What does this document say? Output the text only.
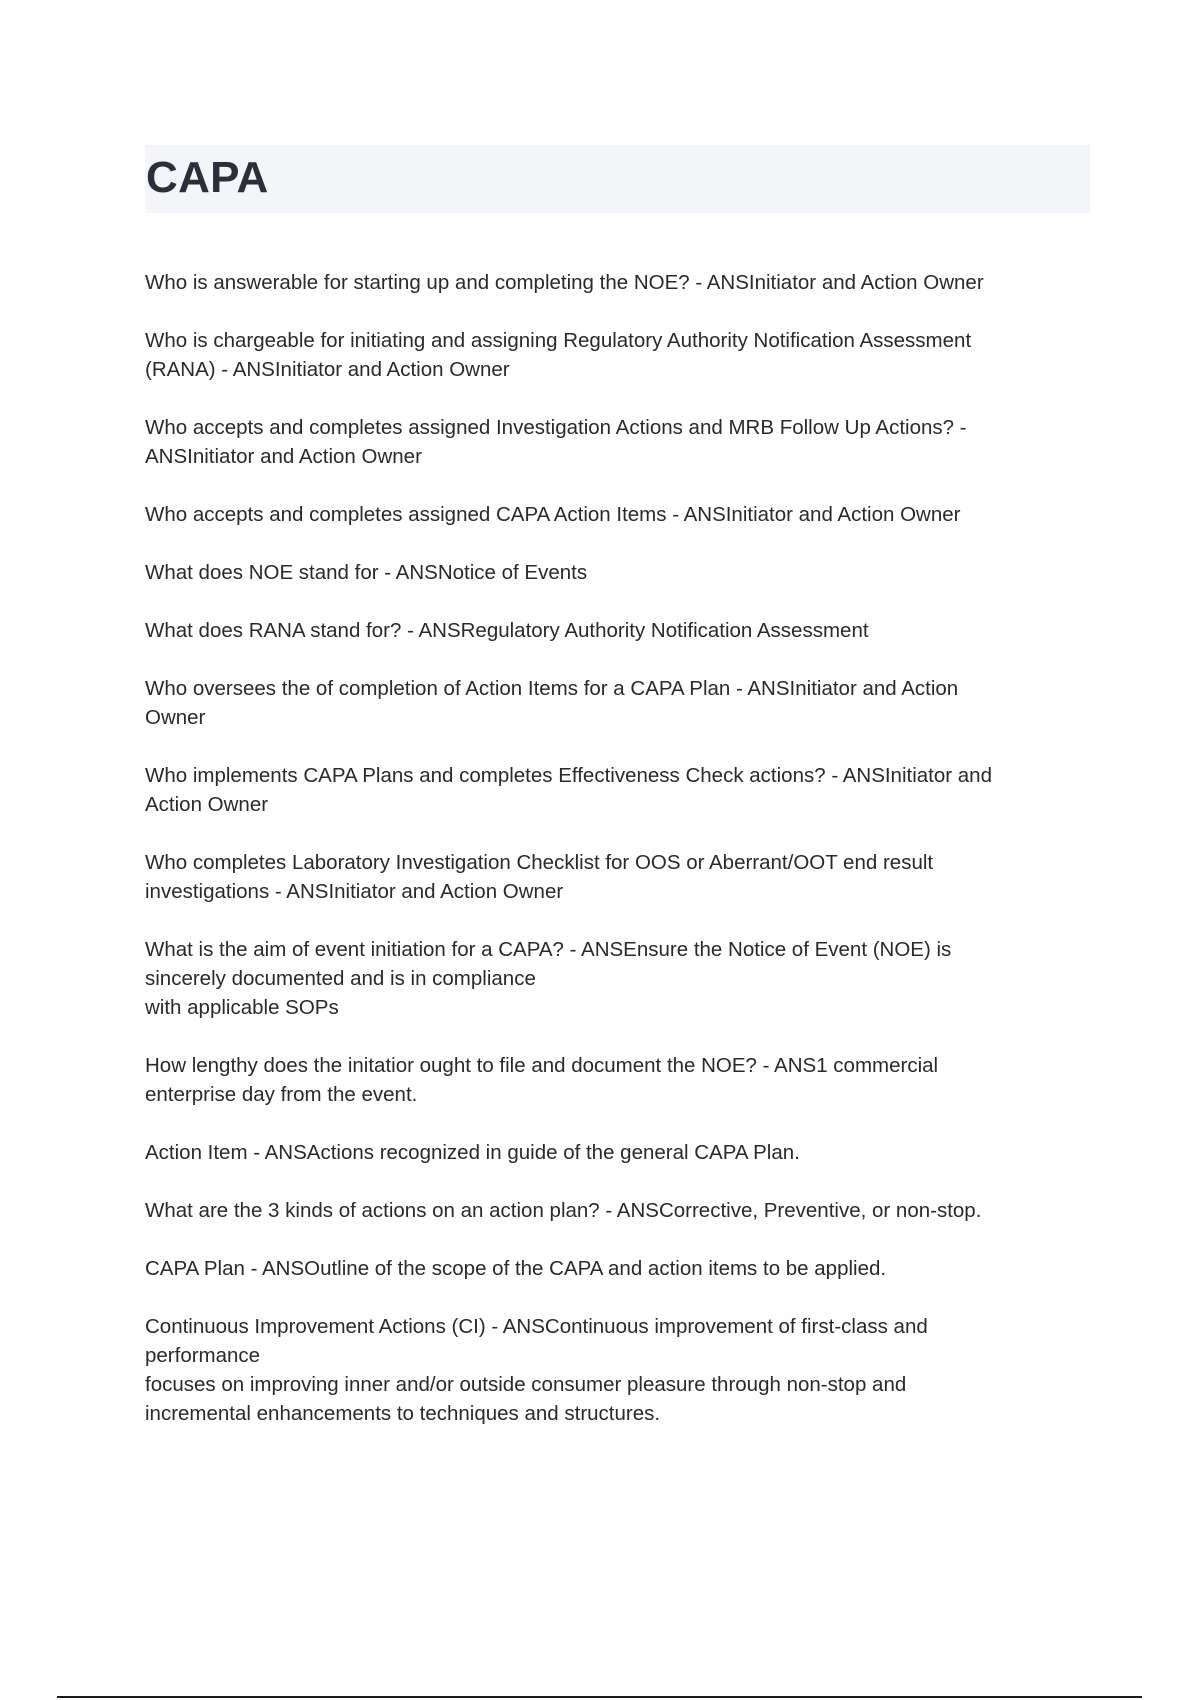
CAPA

Who is answerable for starting up and completing the NOE? - ANSInitiator and Action Owner

Who is chargeable for initiating and assigning Regulatory Authority Notification Assessment
(RANA) - ANSInitiator and Action Owner

Who accepts and completes assigned Investigation Actions and MRB Follow Up Actions? -
ANSInitiator and Action Owner

Who accepts and completes assigned CAPA Action Items - ANSInitiator and Action Owner

What does NOE stand for - ANSNotice of Events

What does RANA stand for? - ANSRegulatory Authority Notification Assessment

Who oversees the of completion of Action Items for a CAPA Plan - ANSInitiator and Action
Owner

Who implements CAPA Plans and completes Effectiveness Check actions? - ANSInitiator and
Action Owner

Who completes Laboratory Investigation Checklist for OOS or Aberrant/OOT end result
investigations - ANSInitiator and Action Owner

What is the aim of event initiation for a CAPA? - ANSEnsure the Notice of Event (NOE) is
sincerely documented and is in compliance
with applicable SOPs

How lengthy does the initatior ought to file and document the NOE? - ANS1 commercial
enterprise day from the event.

Action Item - ANSActions recognized in guide of the general CAPA Plan.

What are the 3 kinds of actions on an action plan? - ANSCorrective, Preventive, or non-stop.

CAPA Plan - ANSOutline of the scope of the CAPA and action items to be applied.

Continuous Improvement Actions (CI) - ANSContinuous improvement of first-class and
performance
focuses on improving inner and/or outside consumer pleasure through non-stop and
incremental enhancements to techniques and structures.
